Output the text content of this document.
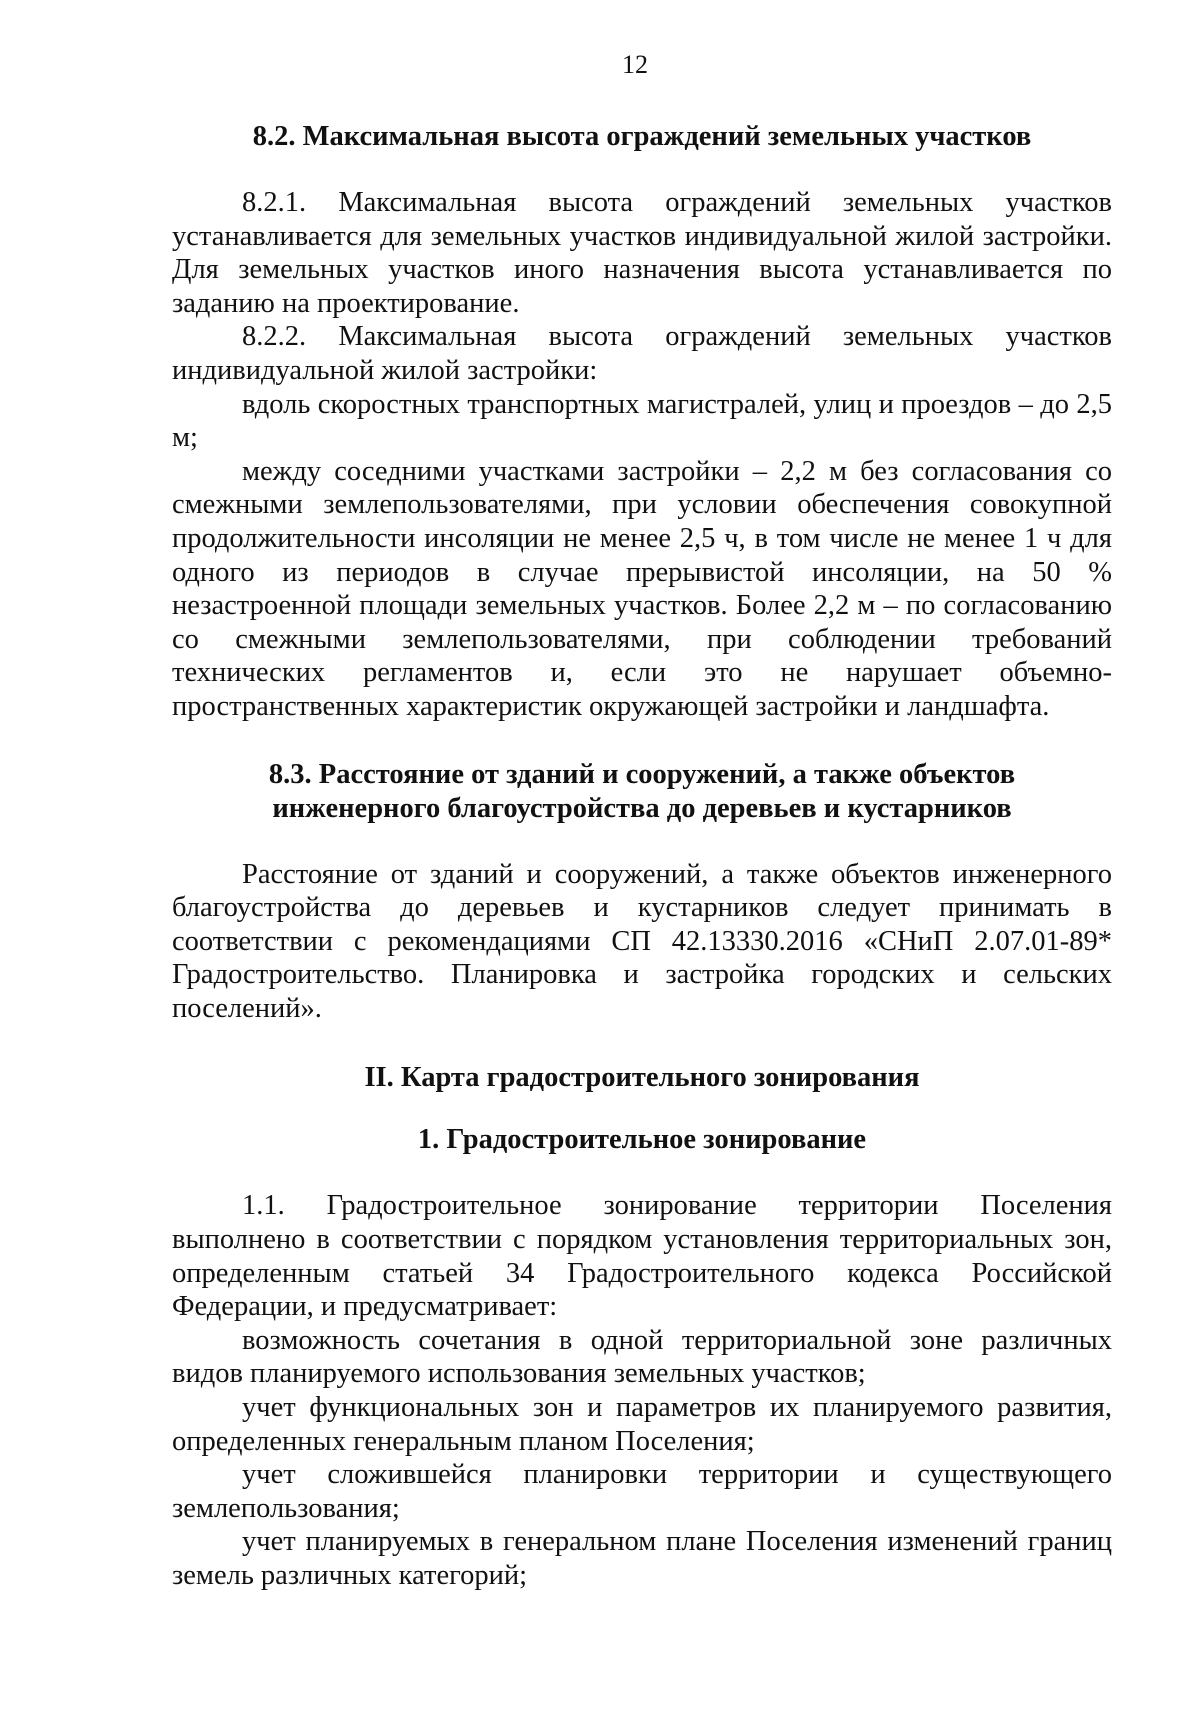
12
8.2. Максимальная высота ограждений земельных участков

8.2.1. Максимальная высота ограждений земельных участков устанавливается для земельных участков индивидуальной жилой застройки. Для земельных участков иного назначения высота устанавливается по заданию на проектирование.

8.2.2. Максимальная высота ограждений земельных участков индивидуальной жилой застройки:

вдоль скоростных транспортных магистралей, улиц и проездов – до 2,5 м;

между соседними участками застройки – 2,2 м без согласования со смежными землепользователями, при условии обеспечения совокупной продолжительности инсоляции не менее 2,5 ч, в том числе не менее 1 ч для одного из периодов в случае прерывистой инсоляции, на 50 % незастроенной площади земельных участков. Более 2,2 м – по согласованию со смежными землепользователями, при соблюдении требований технических регламентов и, если это не нарушает объемно-пространственных характеристик окружающей застройки и ландшафта.

8.3. Расстояние от зданий и сооружений, а также объектов
инженерного благоустройства до деревьев и кустарников

Расстояние от зданий и сооружений, а также объектов инженерного благоустройства до деревьев и кустарников следует принимать в соответствии с рекомендациями СП 42.13330.2016 «СНиП 2.07.01-89* Градостроительство. Планировка и застройка городских и сельских поселений».

II. Карта градостроительного зонирования
1. Градостроительное зонирование

1.1. Градостроительное зонирование территории Поселения выполнено в соответствии с порядком установления территориальных зон, определенным статьей 34 Градостроительного кодекса Российской Федерации, и предусматривает:

возможность сочетания в одной территориальной зоне различных видов планируемого использования земельных участков;

учет функциональных зон и параметров их планируемого развития, определенных генеральным планом Поселения;

учет сложившейся планировки территории и существующего землепользования;

учет планируемых в генеральном плане Поселения изменений границ земель различных категорий;
